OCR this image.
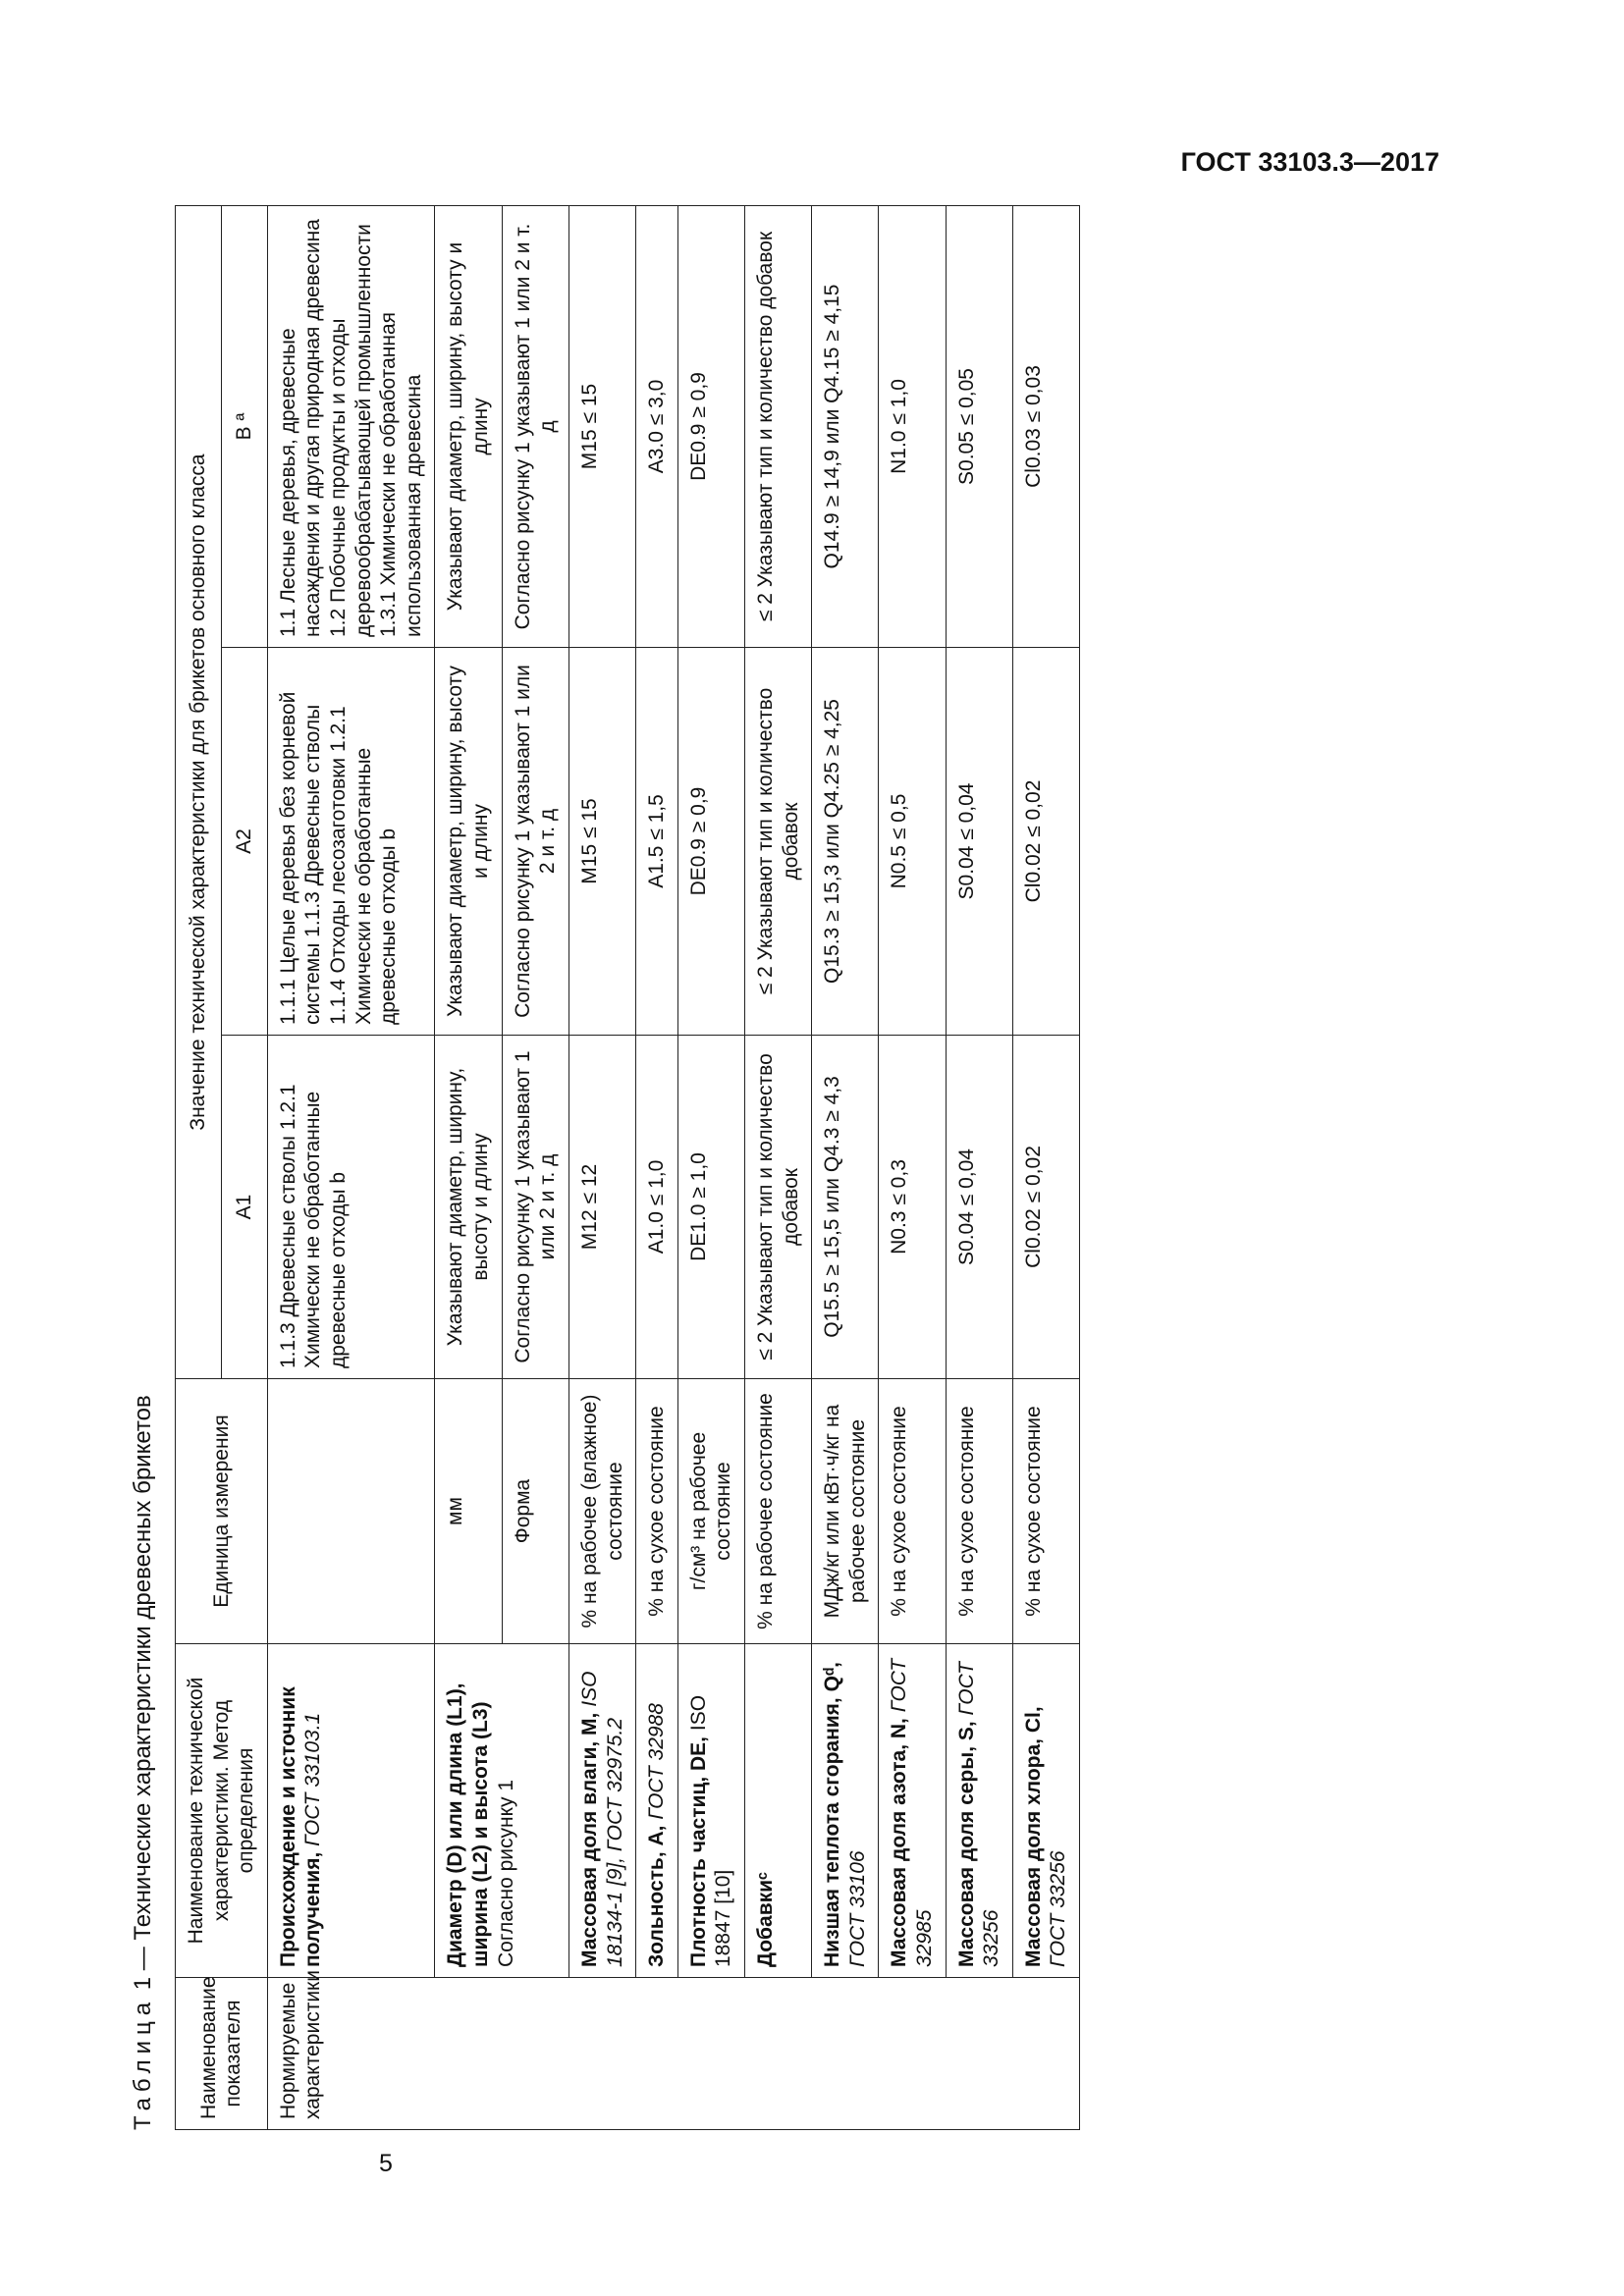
ГОСТ 33103.3—2017
Таблица 1 — Технические характеристики древесных брикетов
Наименование показателя	Наименование технической характеристики. Метод определения	Единица измерения	Значение технической характеристики для брикетов основного класса		
			A1	A2	B ª
Нормируемые характеристики	Происхождение и источник получения, ГОСТ 33103.1		1.1.3 Древесные стволы 1.2.1 Химически не обработанные древесные отходы b	1.1.1 Целые деревья без корневой системы 1.1.3 Древесные стволы 1.1.4 Отходы лесозаготовки 1.2.1 Химически не обработанные древесные отходы b	1.1 Лесные деревья, древесные насаждения и другая природная древесина 1.2 Побочные продукты и отходы деревообрабатывающей промышленности 1.3.1 Химически не обработанная использованная древесина
	Диаметр (D) или длина (L1), ширина (L2) и высота (L3) Согласно рисунку 1	мм	Указывают диаметр, ширину, высоту и длину	Указывают диаметр, ширину, высоту и длину	Указывают диаметр, ширину, высоту и длину
		Форма	Согласно рисунку 1 указывают 1 или 2 и т. д	Согласно рисунку 1 указывают 1 или 2 и т. д	Согласно рисунку 1 указывают 1 или 2 и т. д
	Массовая доля влаги, M, ISO 18134-1 [9], ГОСТ 32975.2	% на рабочее (влажное) состояние	M12 ≤ 12	M15 ≤ 15	M15 ≤ 15
	Зольность, A, ГОСТ 32988	% на сухое состояние	A1.0 ≤ 1,0	A1.5 ≤ 1,5	A3.0 ≤ 3,0
	Плотность частиц, DE, ISO 18847 [10]	г/см³ на рабочее состояние	DE1.0 ≥ 1,0	DE0.9 ≥ 0,9	DE0.9 ≥ 0,9
	Добавкиᶜ	% на рабочее состояние	≤ 2 Указывают тип и количество добавок	≤ 2 Указывают тип и количество добавок	≤ 2 Указывают тип и количество добавок
	Низшая теплота сгорания, Qᵈ, ГОСТ 33106	МДж/кг или кВт·ч/кг на рабочее состояние	Q15.5 ≥ 15,5 или Q4.3 ≥ 4,3	Q15.3 ≥ 15,3 или Q4.25 ≥ 4,25	Q14.9 ≥ 14,9 или Q4.15 ≥ 4,15
	Массовая доля азота, N, ГОСТ 32985	% на сухое состояние	N0.3 ≤ 0,3	N0.5 ≤ 0,5	N1.0 ≤ 1,0
	Массовая доля серы, S, ГОСТ 33256	% на сухое состояние	S0.04 ≤ 0,04	S0.04 ≤ 0,04	S0.05 ≤ 0,05
	Массовая доля хлора, Cl, ГОСТ 33256	% на сухое состояние	Cl0.02 ≤ 0,02	Cl0.02 ≤ 0,02	Cl0.03 ≤ 0,03
5
